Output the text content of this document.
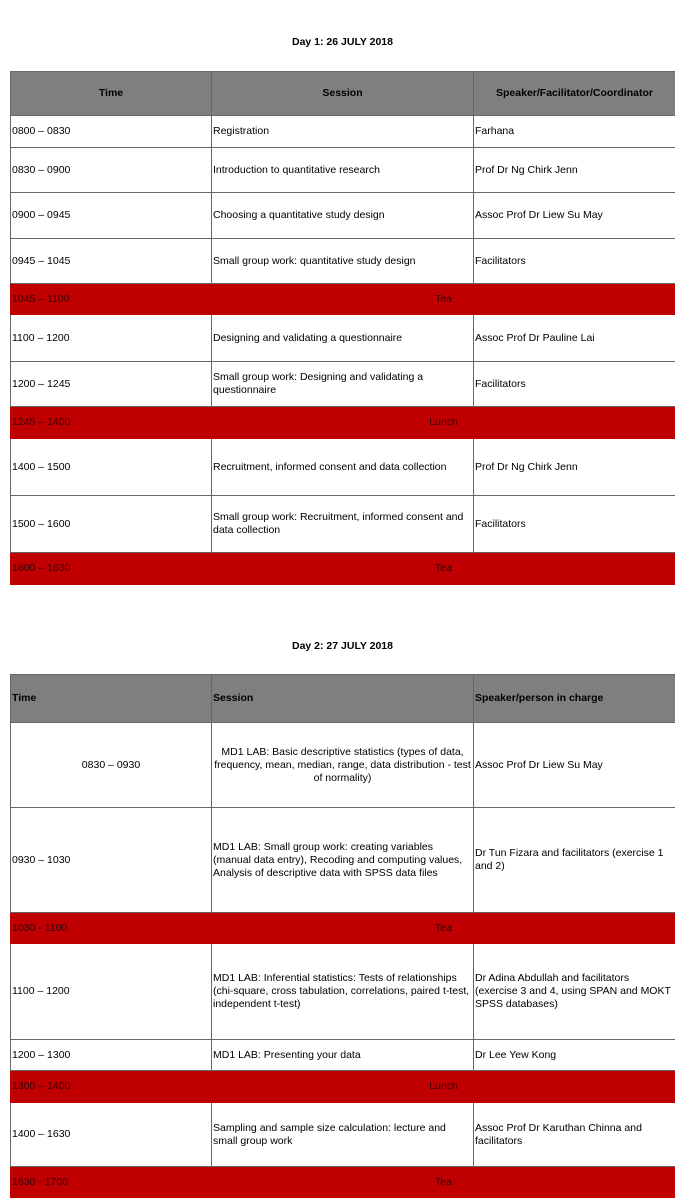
Day 1: 26 JULY 2018
Time	Session	Speaker/Facilitator/Coordinator
0800 – 0830	Registration	Farhana
0830 – 0900	Introduction to quantitative research	Prof Dr Ng Chirk Jenn
0900 – 0945	Choosing a quantitative study design	Assoc Prof Dr Liew Su May
0945 – 1045	Small group work: quantitative study design	Facilitators
1045 – 1100	Tea	
1100 – 1200	Designing and validating a questionnaire	Assoc Prof Dr Pauline Lai
1200 – 1245	Small group work: Designing and validating a questionnaire	Facilitators
1245 – 1400	Lunch	
1400 – 1500	Recruitment, informed consent and data collection	Prof Dr Ng Chirk Jenn
1500 – 1600	Small group work: Recruitment, informed consent and data collection	Facilitators
1600 – 1630	Tea	
Day 2: 27 JULY 2018
Time	Session	Speaker/person in charge
0830 – 0930	MD1 LAB: Basic descriptive statistics (types of data, frequency, mean, median, range, data distribution - test of normality)	Assoc Prof Dr Liew Su May
0930 – 1030	MD1 LAB: Small group work: creating variables (manual data entry), Recoding and computing values, Analysis of descriptive data with SPSS data files	Dr Tun Fizara and facilitators (exercise 1 and 2)
1030 - 1100	Tea	
1100 – 1200	MD1 LAB: Inferential statistics: Tests of relationships (chi-square, cross tabulation, correlations, paired t-test, independent t-test)	Dr Adina Abdullah and facilitators (exercise 3 and 4, using SPAN and MOKT SPSS databases)
1200 – 1300	MD1 LAB: Presenting your data	Dr Lee Yew Kong
1300 – 1400	Lunch	
1400 – 1630	Sampling and sample size calculation: lecture and small group work	Assoc Prof Dr Karuthan Chinna and facilitators
1630 - 1700	Tea	
